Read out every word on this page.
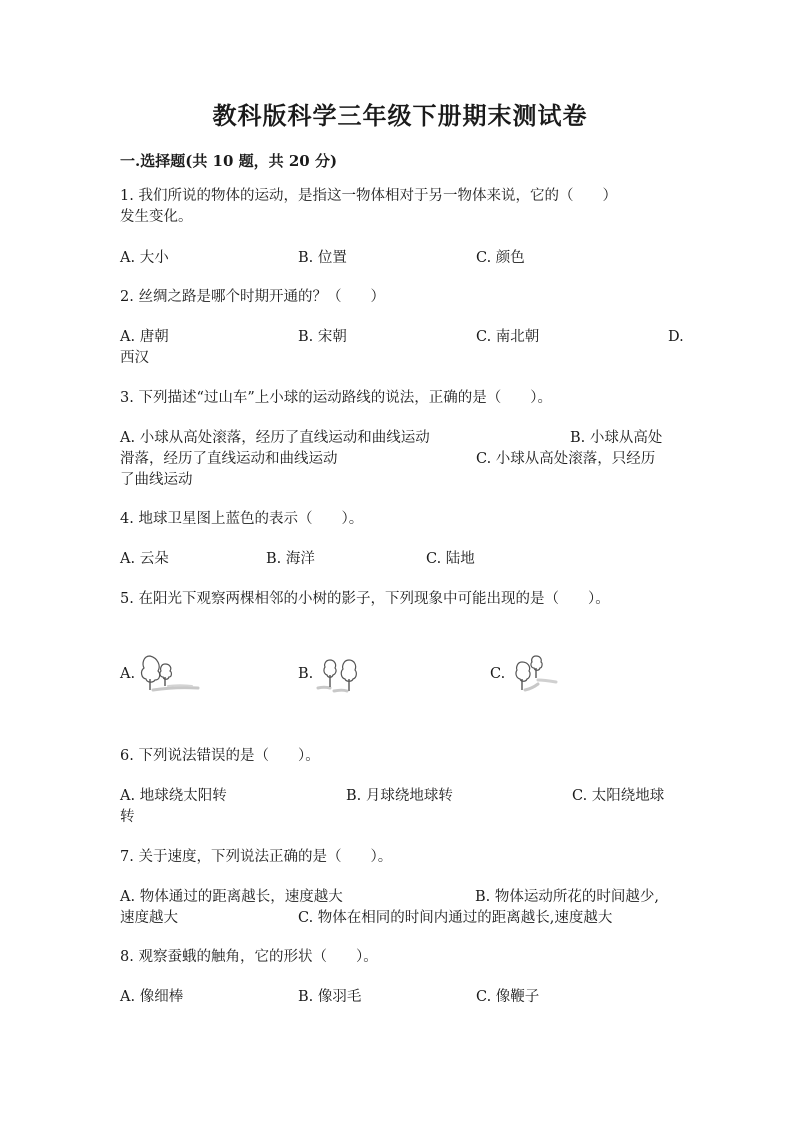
教科版科学三年级下册期末测试卷
一.选择题(共 10 题，共 20 分)
1. 我们所说的物体的运动，是指这一物体相对于另一物体来说，它的（　　）
发生变化。
A. 大小	B. 位置	C. 颜色
2. 丝绸之路是哪个时期开通的？（　　）
A. 唐朝	B. 宋朝	C. 南北朝	D.
西汉
3. 下列描述“过山车”上小球的运动路线的说法，正确的是（　　）。
A. 小球从高处滚落，经历了直线运动和曲线运动	B. 小球从高处
滑落，经历了直线运动和曲线运动	C. 小球从高处滚落，只经历
了曲线运动
4. 地球卫星图上蓝色的表示（　　）。
A. 云朵	B. 海洋	C. 陆地
5. 在阳光下观察两棵相邻的小树的影子，下列现象中可能出现的是（　　）。
A.	B.	C.
6. 下列说法错误的是（　　）。
A. 地球绕太阳转	B. 月球绕地球转	C. 太阳绕地球
转
7. 关于速度，下列说法正确的是（　　）。
A. 物体通过的距离越长，速度越大	B. 物体运动所花的时间越少,
速度越大	C. 物体在相同的时间内通过的距离越长,速度越大
8. 观察蚕蛾的触角，它的形状（　　）。
A. 像细棒	B. 像羽毛	C. 像鞭子
